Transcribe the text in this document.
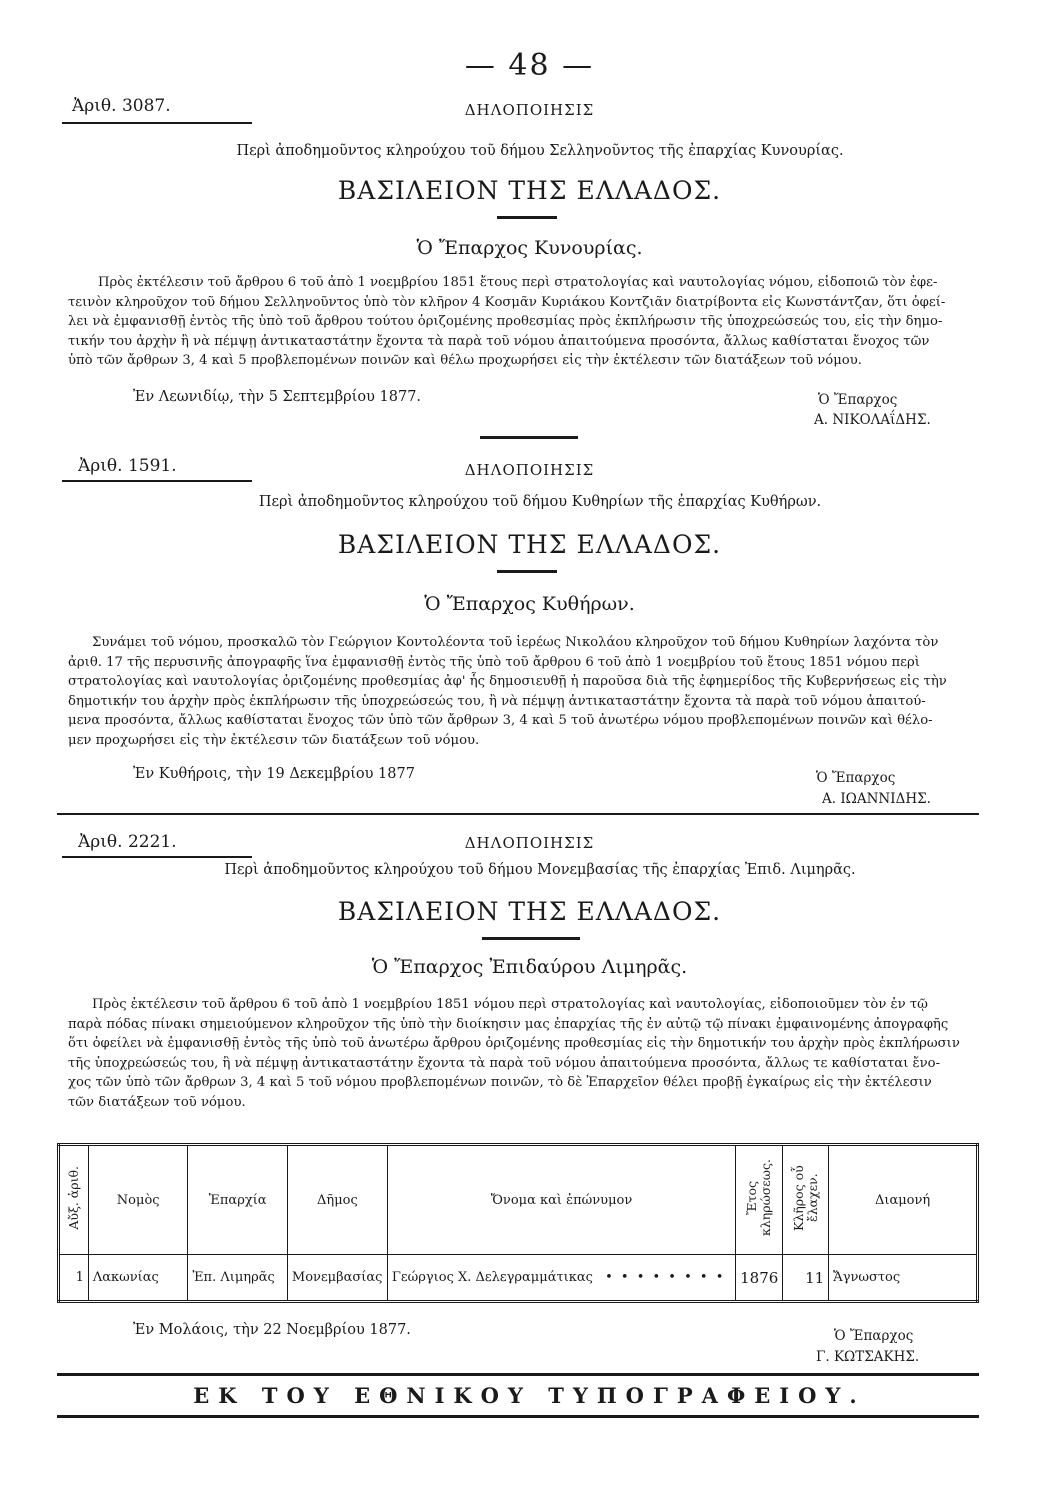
— 48 —
Ἀριθ. 3087.	ΔΗΛΟΠΟΙΗΣΙΣ
Περὶ ἀποδημοῦντος κληρούχου τοῦ δήμου Σελληνοῦντος τῆς ἐπαρχίας Κυνουρίας.
ΒΑΣΙΛΕΙΟΝ ΤΗΣ ΕΛΛΑΔΟΣ.
Ὁ Ἔπαρχος Κυνουρίας.
Πρὸς ἐκτέλεσιν τοῦ ἄρθρου 6 τοῦ ἀπὸ 1 νοεμβρίου 1851 ἔτους περὶ στρατολογίας καὶ ναυτολογίας νόμου, εἰδοποιῶ τὸν ἐφε-
τεινὸν κληροῦχον τοῦ δήμου Σελληνοῦντος ὑπὸ τὸν κλῆρον 4 Κοσμᾶν Κυριάκου Κοντζιᾶν διατρίβοντα εἰς Κωνστάντζαν, ὅτι ὀφεί-
λει νὰ ἐμφανισθῇ ἐντὸς τῆς ὑπὸ τοῦ ἄρθρου τούτου ὁριζομένης προθεσμίας πρὸς ἐκπλήρωσιν τῆς ὑποχρεώσεώς του, εἰς τὴν δημο-
τικήν του ἀρχὴν ἢ νὰ πέμψῃ ἀντικαταστάτην ἔχοντα τὰ παρὰ τοῦ νόμου ἀπαιτούμενα προσόντα, ἄλλως καθίσταται ἔνοχος τῶν
ὑπὸ τῶν ἄρθρων 3, 4 καὶ 5 προβλεπομένων ποινῶν καὶ θέλω προχωρήσει εἰς τὴν ἐκτέλεσιν τῶν διατάξεων τοῦ νόμου.
Ἐν Λεωνιδίῳ, τὴν 5 Σεπτεμβρίου 1877.	Ὁ Ἔπαρχος
Α. ΝΙΚΟΛΑΐΔΗΣ.
Ἀριθ. 1591.	ΔΗΛΟΠΟΙΗΣΙΣ
Περὶ ἀποδημοῦντος κληρούχου τοῦ δήμου Κυθηρίων τῆς ἐπαρχίας Κυθήρων.
ΒΑΣΙΛΕΙΟΝ ΤΗΣ ΕΛΛΑΔΟΣ.
Ὁ Ἔπαρχος Κυθήρων.
Συνάμει τοῦ νόμου, προσκαλῶ τὸν Γεώργιον Κοντολέοντα τοῦ ἱερέως Νικολάου κληροῦχον τοῦ δήμου Κυθηρίων λαχόντα τὸν
ἀριθ. 17 τῆς περυσινῆς ἀπογραφῆς ἵνα ἐμφανισθῇ ἐντὸς τῆς ὑπὸ τοῦ ἄρθρου 6 τοῦ ἀπὸ 1 νοεμβρίου τοῦ ἔτους 1851 νόμου περὶ
στρατολογίας καὶ ναυτολογίας ὁριζομένης προθεσμίας ἀφ' ἧς δημοσιευθῇ ἡ παροῦσα διὰ τῆς ἐφημερίδος τῆς Κυβερνήσεως εἰς τὴν
δημοτικήν του ἀρχὴν πρὸς ἐκπλήρωσιν τῆς ὑποχρεώσεώς του, ἢ νὰ πέμψῃ ἀντικαταστάτην ἔχοντα τὰ παρὰ τοῦ νόμου ἀπαιτού-
μενα προσόντα, ἄλλως καθίσταται ἔνοχος τῶν ὑπὸ τῶν ἄρθρων 3, 4 καὶ 5 τοῦ ἀνωτέρω νόμου προβλεπομένων ποινῶν καὶ θέλο-
μεν προχωρήσει εἰς τὴν ἐκτέλεσιν τῶν διατάξεων τοῦ νόμου.
Ἐν Κυθήροις, τὴν 19 Δεκεμβρίου 1877	Ὁ Ἔπαρχος
Α. ΙΩΑΝΝΙΔΗΣ.
Ἀριθ. 2221.	ΔΗΛΟΠΟΙΗΣΙΣ
Περὶ ἀποδημοῦντος κληρούχου τοῦ δήμου Μονεμβασίας τῆς ἐπαρχίας Ἐπιδ. Λιμηρᾶς.
ΒΑΣΙΛΕΙΟΝ ΤΗΣ ΕΛΛΑΔΟΣ.
Ὁ Ἔπαρχος Ἐπιδαύρου Λιμηρᾶς.
Πρὸς ἐκτέλεσιν τοῦ ἄρθρου 6 τοῦ ἀπὸ 1 νοεμβρίου 1851 νόμου περὶ στρατολογίας καὶ ναυτολογίας, εἰδοποιοῦμεν τὸν ἐν τῷ
παρὰ πόδας πίνακι σημειούμενον κληροῦχον τῆς ὑπὸ τὴν διοίκησιν μας ἐπαρχίας τῆς ἐν αὐτῷ τῷ πίνακι ἐμφαινομένης ἀπογραφῆς
ὅτι ὀφείλει νὰ ἐμφανισθῇ ἐντὸς τῆς ὑπὸ τοῦ ἀνωτέρω ἄρθρου ὁριζομένης προθεσμίας εἰς τὴν δημοτικήν του ἀρχὴν πρὸς ἐκπλήρωσιν
τῆς ὑποχρεώσεώς του, ἢ νὰ πέμψῃ ἀντικαταστάτην ἔχοντα τὰ παρὰ τοῦ νόμου ἀπαιτούμενα προσόντα, ἄλλως τε καθίσταται ἔνο-
χος τῶν ὑπὸ τῶν ἄρθρων 3, 4 καὶ 5 τοῦ νόμου προβλεπομένων ποινῶν, τὸ δὲ Ἐπαρχεῖον θέλει προβῇ ἐγκαίρως εἰς τὴν ἐκτέλεσιν
τῶν διατάξεων τοῦ νόμου.
Αὔξ. ἀριθ.	Νομὸς	Ἐπαρχία	Δῆμος	Ὄνομα καὶ ἐπώνυμον	Ἔτος κληρώσεως.	Κλῆρος οὗ ἔλαχεν.	Διαμονή
1	Λακωνίας	Ἐπ. Λιμηρᾶς	Μονεμβασίας	Γεώργιος Χ. Δελεγραμμάτικας • • • • • • • •	1876	11	Ἄγνωστος
Ἐν Μολάοις, τὴν 22 Νοεμβρίου 1877.	Ὁ Ἔπαρχος
Γ. ΚΩΤΣΑΚΗΣ.
ΕΚ ΤΟΥ ΕΘΝΙΚΟΥ ΤΥΠΟΓΡΑΦΕΙΟΥ.
